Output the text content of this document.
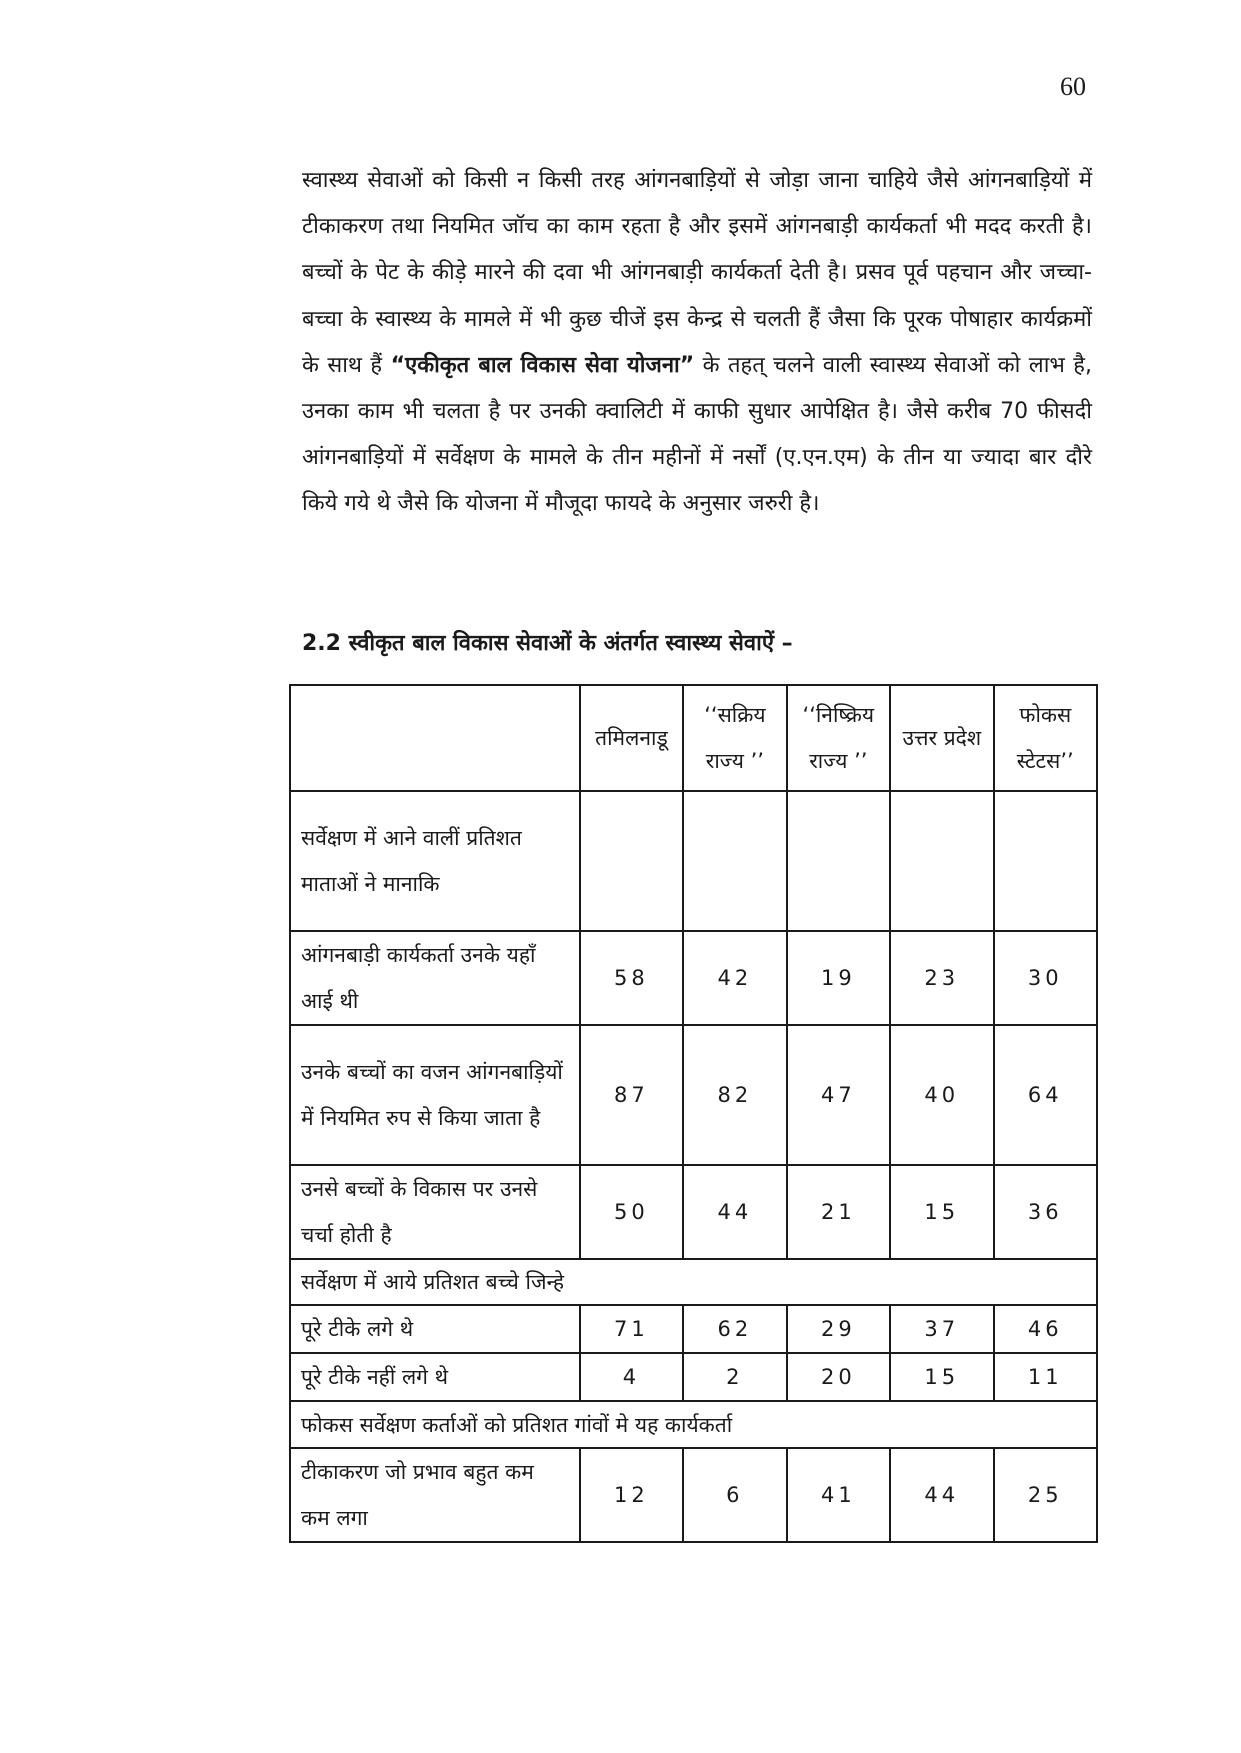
60

स्वास्थ्य सेवाओं को किसी न किसी तरह आंगनबाड़ियों से जोड़ा जाना चाहिये जैसे आंगनबाड़ियों में टीकाकरण तथा नियमित जॉच का काम रहता है और इसमें आंगनबाड़ी कार्यकर्ता भी मदद करती है। बच्चों के पेट के कीड़े मारने की दवा भी आंगनबाड़ी कार्यकर्ता देती है। प्रसव पूर्व पहचान और जच्चा-बच्चा के स्वास्थ्य के मामले में भी कुछ चीजें इस केन्द्र से चलती हैं जैसा कि पूरक पोषाहार कार्यक्रमों के साथ हैं “एकीकृत बाल विकास सेवा योजना” के तहत् चलने वाली स्वास्थ्य सेवाओं को लाभ है, उनका काम भी चलता है पर उनकी क्वालिटी में काफी सुधार आपेक्षित है। जैसे करीब 70 फीसदी आंगनबाड़ियों में सर्वेक्षण के मामले के तीन महीनों में नर्सों (ए.एन.एम) के तीन या ज्यादा बार दौरे किये गये थे जैसे कि योजना में मौजूदा फायदे के अनुसार जरुरी है।

2.2 स्वीकृत बाल विकास सेवाओं के अंतर्गत स्वास्थ्य सेवाऐं –
	तमिलनाडू	‘‘सक्रिय राज्य ’’	‘‘निष्क्रिय राज्य ’’	उत्तर प्रदेश	फोकस स्टेटस’’
सर्वेक्षण में आने वालीं प्रतिशत माताओं ने मानाकि					
आंगनबाड़ी कार्यकर्ता उनके यहाँ आई थी	58	42	19	23	30
उनके बच्चों का वजन आंगनबाड़ियों में नियमित रुप से किया जाता है	87	82	47	40	64
उनसे बच्चों के विकास पर उनसे चर्चा होती है	50	44	21	15	36
सर्वेक्षण में आये प्रतिशत बच्चे जिन्हे					
पूरे टीके लगे थे	71	62	29	37	46
पूरे टीके नहीं लगे थे	4	2	20	15	11
फोकस सर्वेक्षण कर्ताओं को प्रतिशत गांवों मे यह कार्यकर्ता					
टीकाकरण जो प्रभाव बहुत कम कम लगा	12	6	41	44	25
